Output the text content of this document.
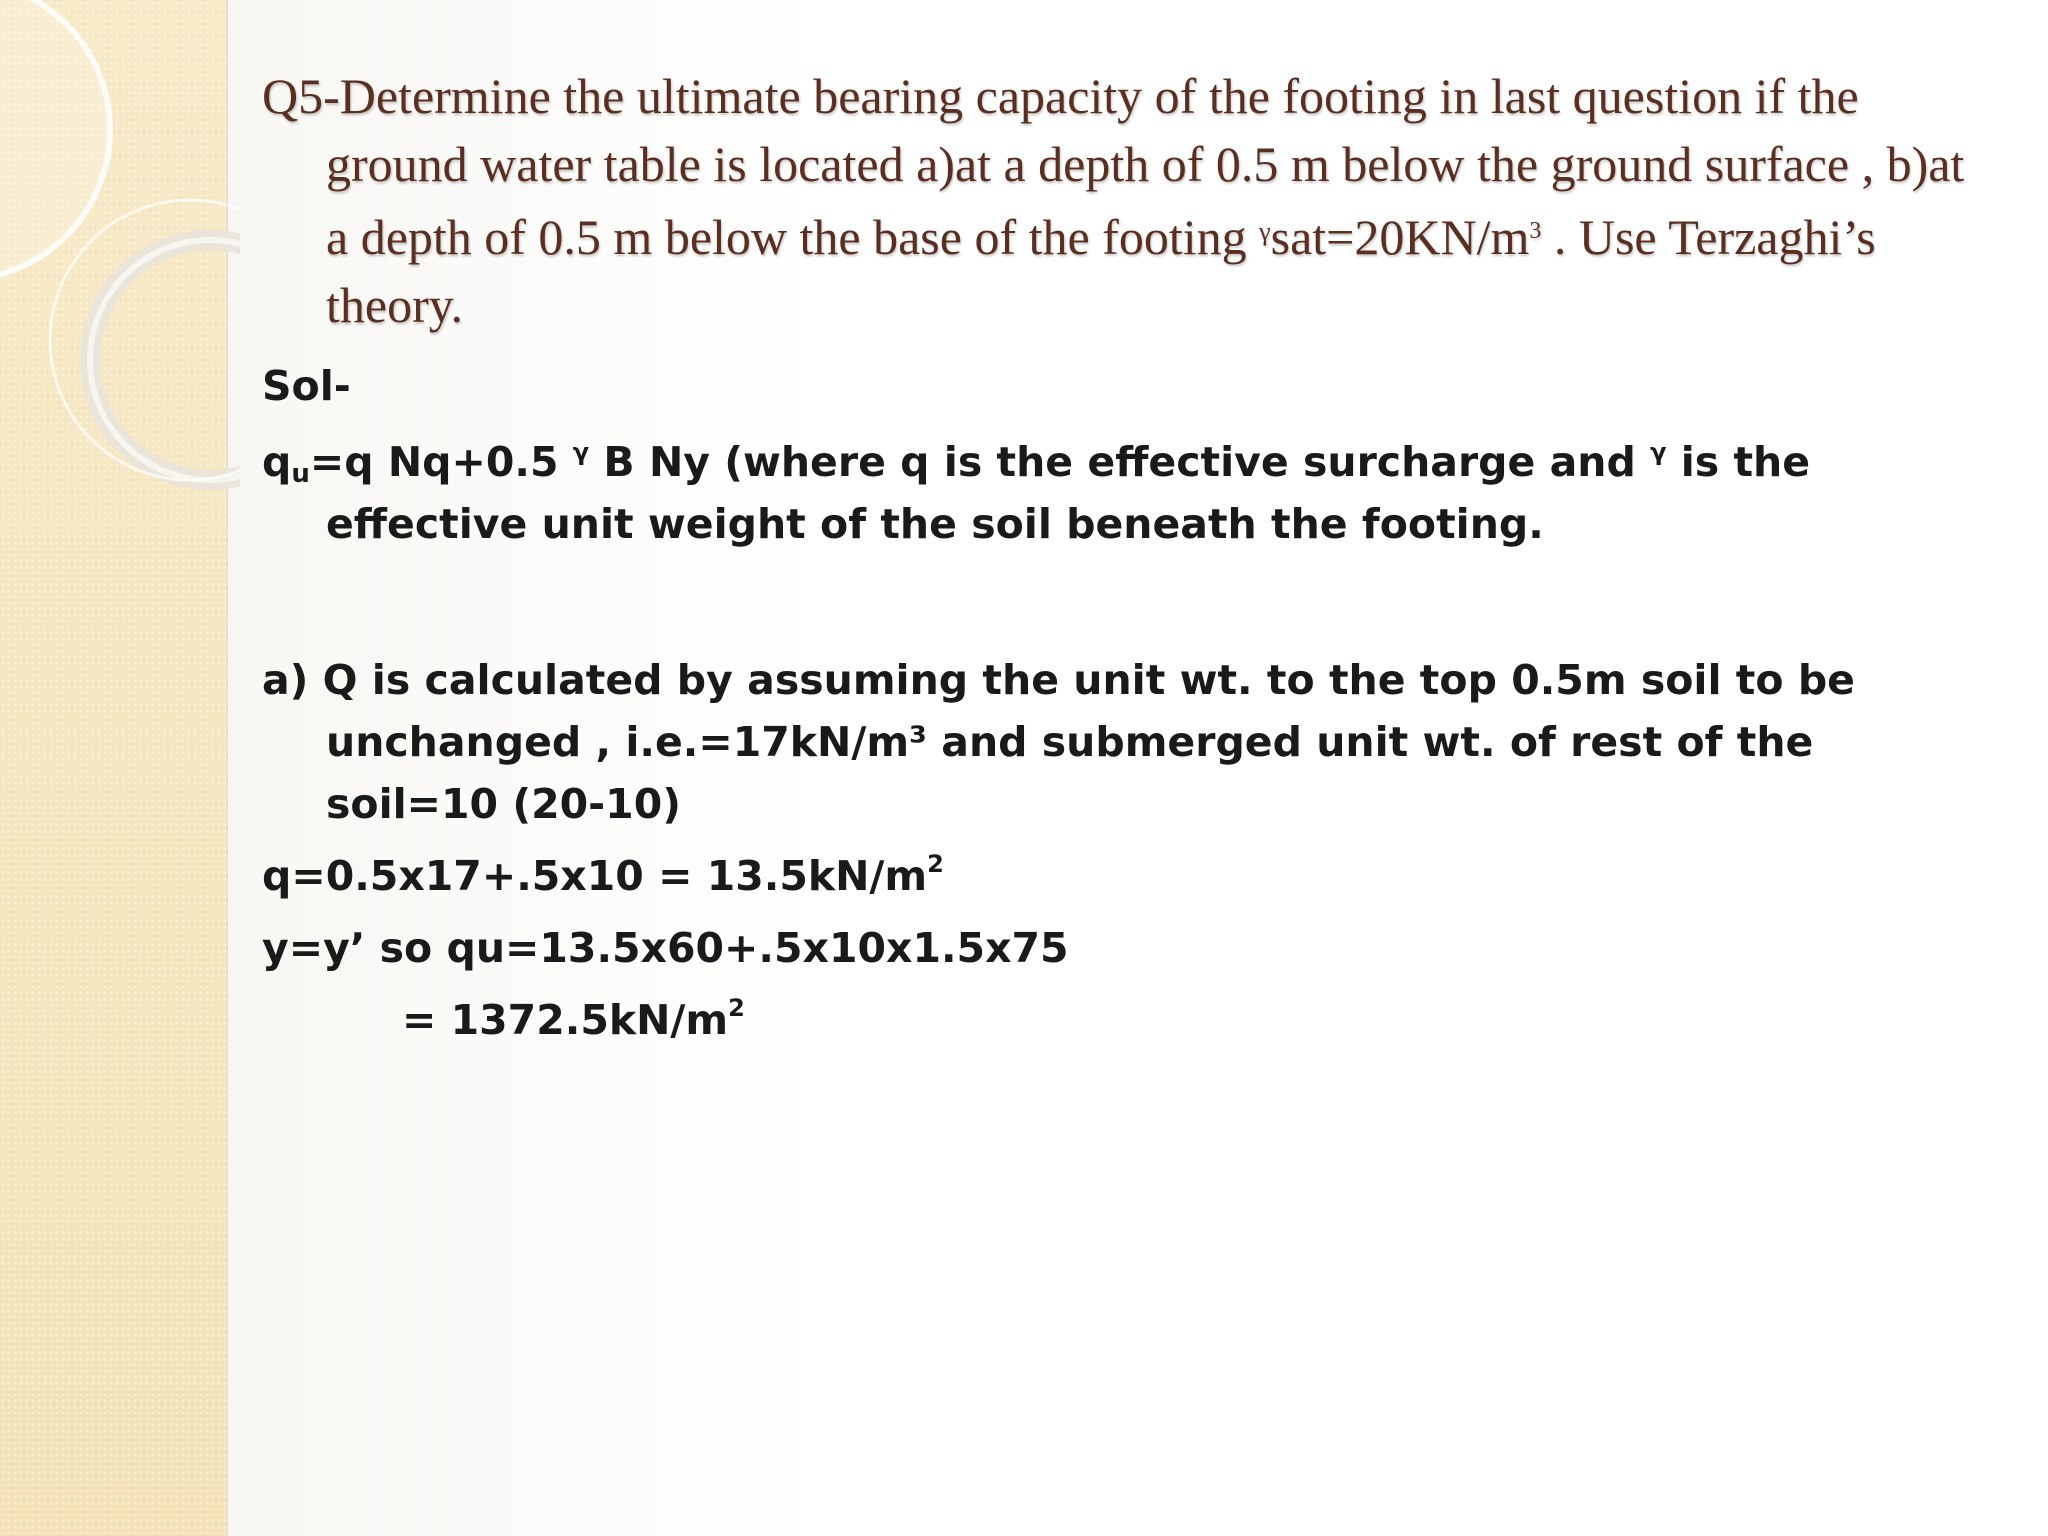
Q5-Determine the ultimate bearing capacity of the footing in last question if the ground water table is located a)at a depth of 0.5 m below the ground surface , b)at a depth of 0.5 m below the base of the footing $^\gamma sat=20KN/m^3$ . Use Terzaghi’s theory.

Sol-

$q_u=q$ Nq+0.5 $^\gamma$ B Ny (where q is the effective surcharge and $^\gamma$ is the effective unit weight of the soil beneath the footing.

a) Q is calculated by assuming the unit wt. to the top 0.5m soil to be unchanged , i.e.=17kN/m³ and submerged unit wt. of rest of the soil=10 (20-10)

$q=0.5x17+.5x10 = 13.5kN/m^2$

y=y’ so qu=13.5x60+.5x10x1.5x75

= $1372.5kN/m^2$
